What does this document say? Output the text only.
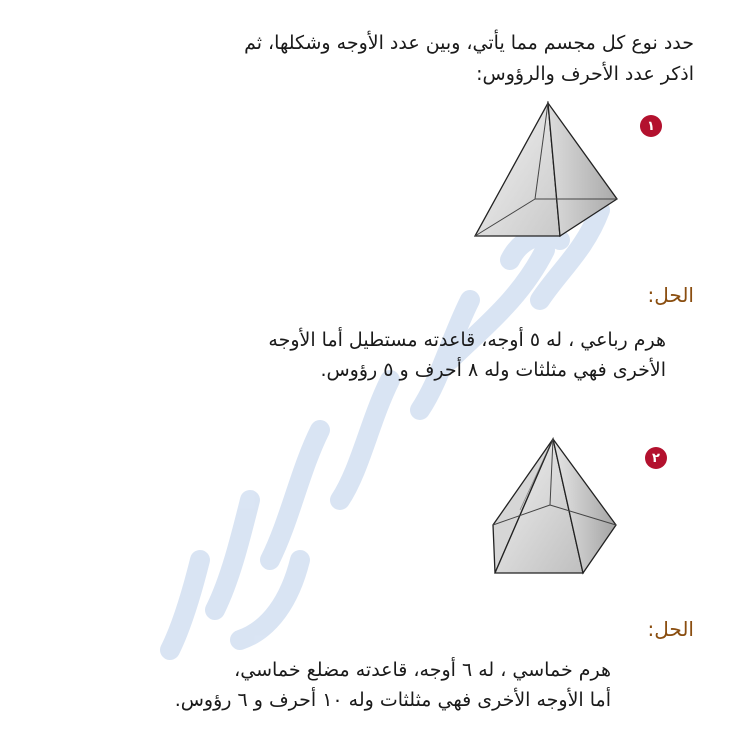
حدد نوع كل مجسم مما يأتي، وبين عدد الأوجه وشكلها، ثم
اذكر عدد الأحرف والرؤوس:
١
الحل:
هرم رباعي ، له ٥ أوجه، قاعدته مستطيل أما الأوجه
الأخرى فهي مثلثات وله ٨ أحرف و ٥ رؤوس.
٢
الحل:
هرم خماسي ، له ٦ أوجه، قاعدته مضلع خماسي،
أما الأوجه الأخرى فهي مثلثات وله ١٠ أحرف و ٦ رؤوس.
